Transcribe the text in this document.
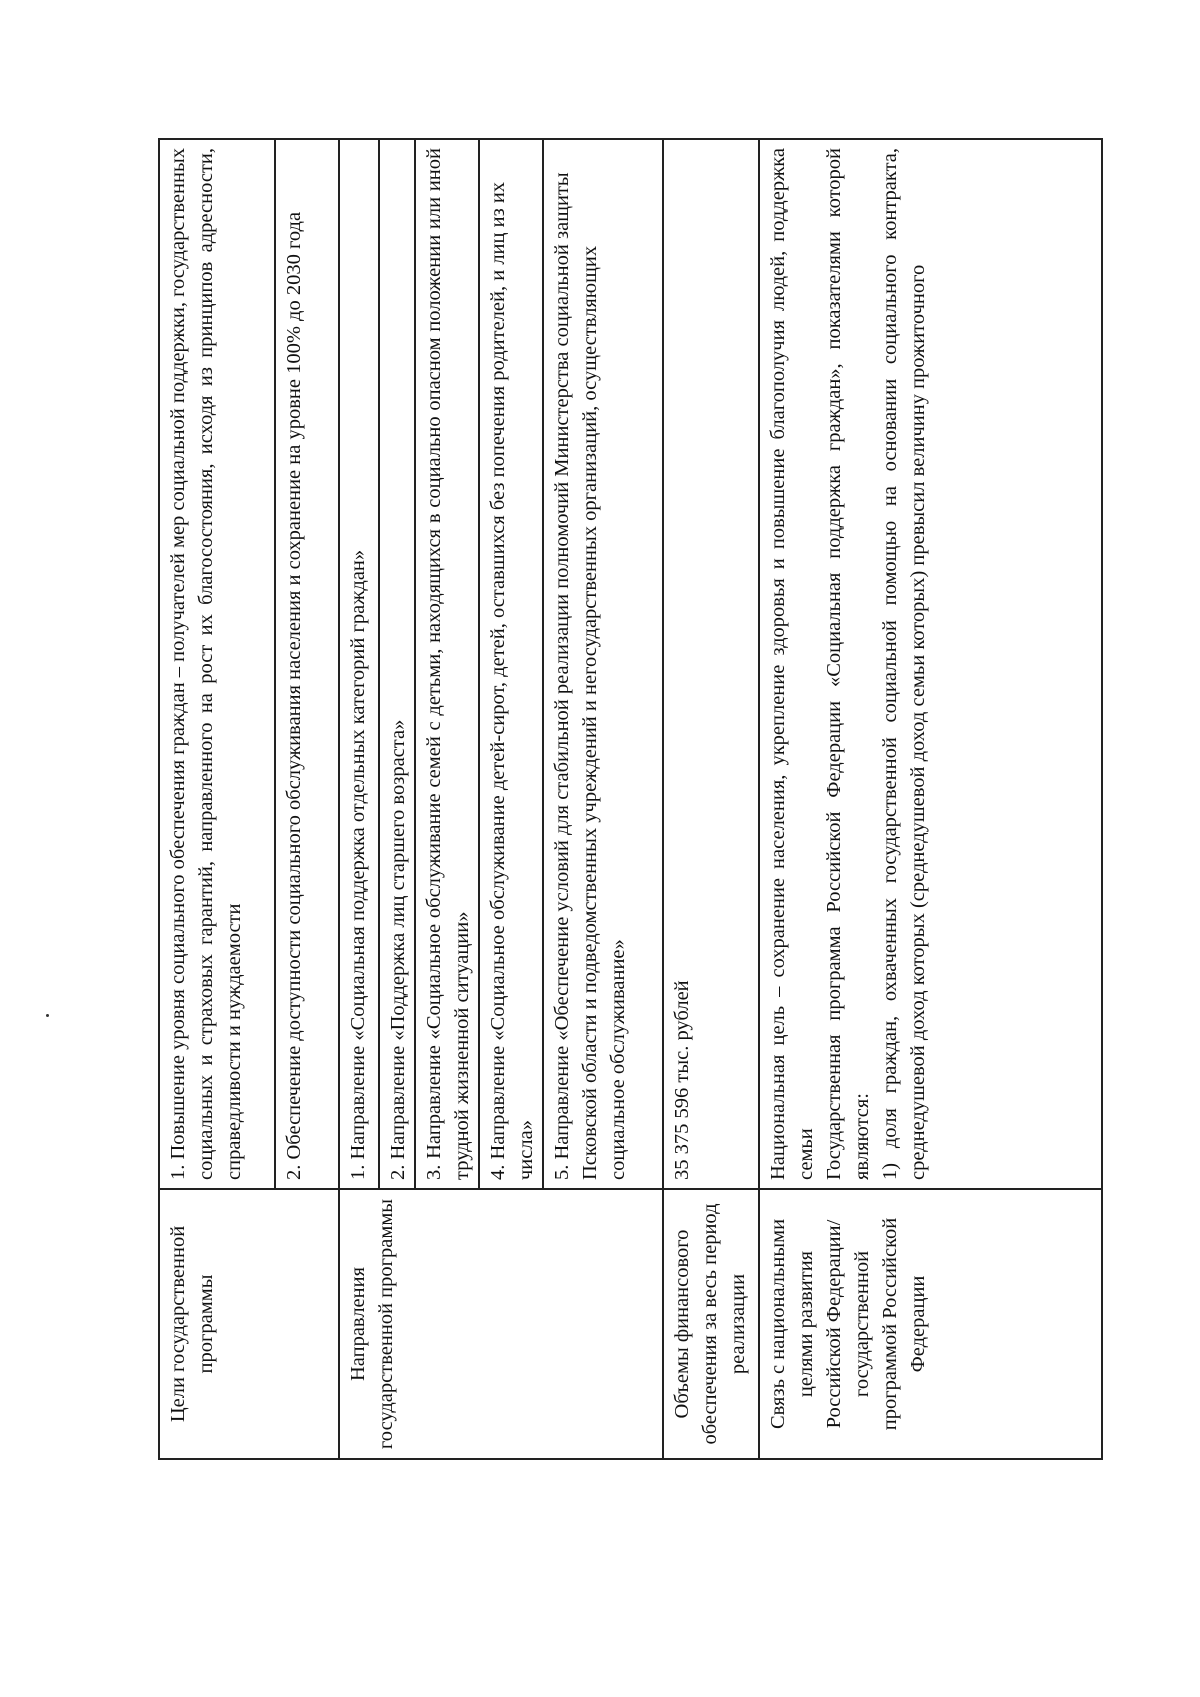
Цели государственной программы	1. Повышение уровня социального обеспечения граждан – получателей мер социальной поддержки, государственных социальных и страховых гарантий, направленного на рост их благосостояния, исходя из принципов адресности, справедливости и нуждаемости
	2. Обеспечение доступности социального обслуживания населения и сохранение на уровне 100% до 2030 года
Направления государственной программы	1. Направление «Социальная поддержка отдельных категорий граждан»
	2. Направление «Поддержка лиц старшего возраста»
	3. Направление «Социальное обслуживание семей с детьми, находящихся в социально опасном положении или иной трудной жизненной ситуации»
	4. Направление «Социальное обслуживание детей-сирот, детей, оставшихся без попечения родителей, и лиц из их числа»
	5. Направление «Обеспечение условий для стабильной реализации полномочий Министерства социальной защиты Псковской области и подведомственных учреждений и негосударственных организаций, осуществляющих социальное обслуживание»
Объемы финансового обеспечения за весь период реализации	35 375 596 тыс. рублей
Связь с национальными целями развития Российской Федерации/государственной программой Российской Федерации	Национальная цель – сохранение населения, укрепление здоровья и повышение благополучия людей, поддержка семьи Государственная программа Российской Федерации «Социальная поддержка граждан», показателями которой являются: 1) доля граждан, охваченных государственной социальной помощью на основании социального контракта, среднедушевой доход которых (среднедушевой доход семьи которых) превысил величину прожиточного
